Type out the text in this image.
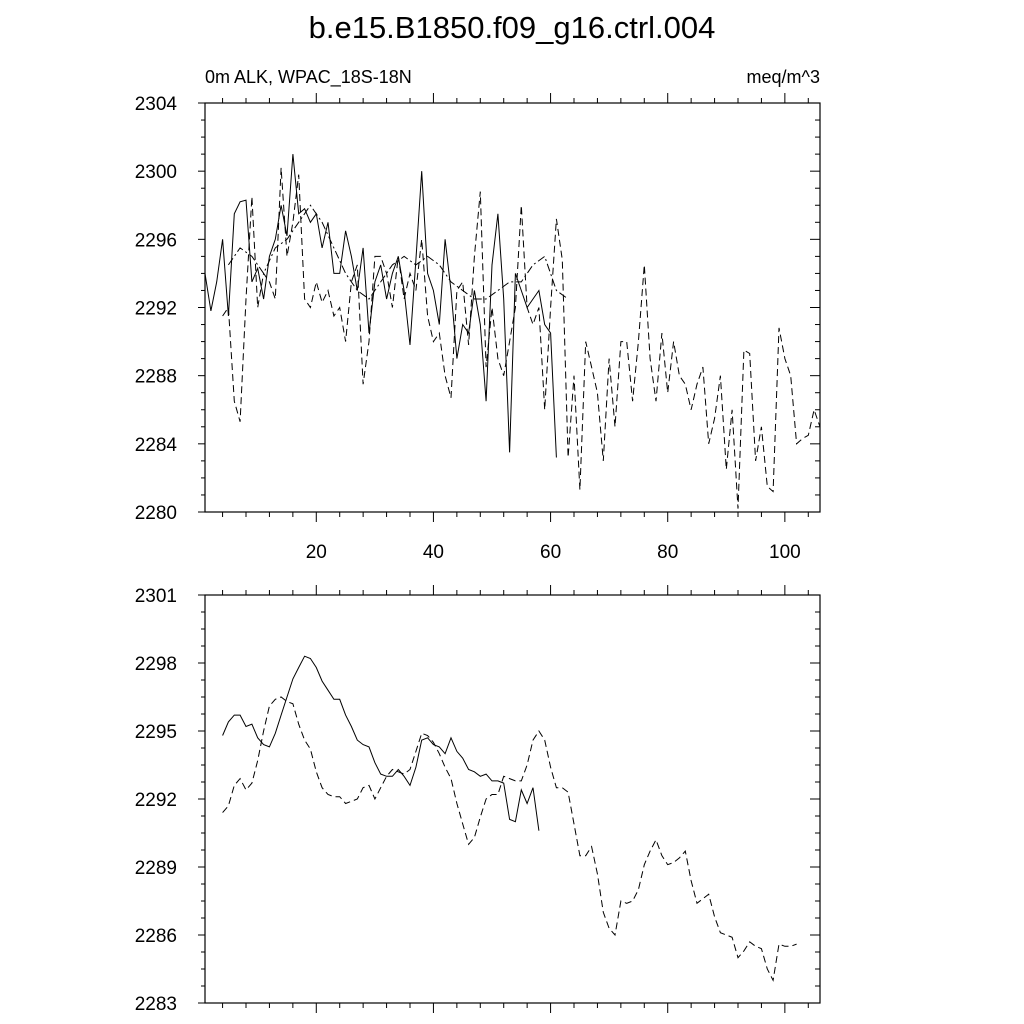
b.e15.B1850.f09_g16.ctrl.004
0m ALK, WPAC_18S-18N	meq/m^3
2280
2284
2288
2292
2296
2300
2304
20	40	60	80	100
2283
2286
2289
2292
2295
2298
2301
